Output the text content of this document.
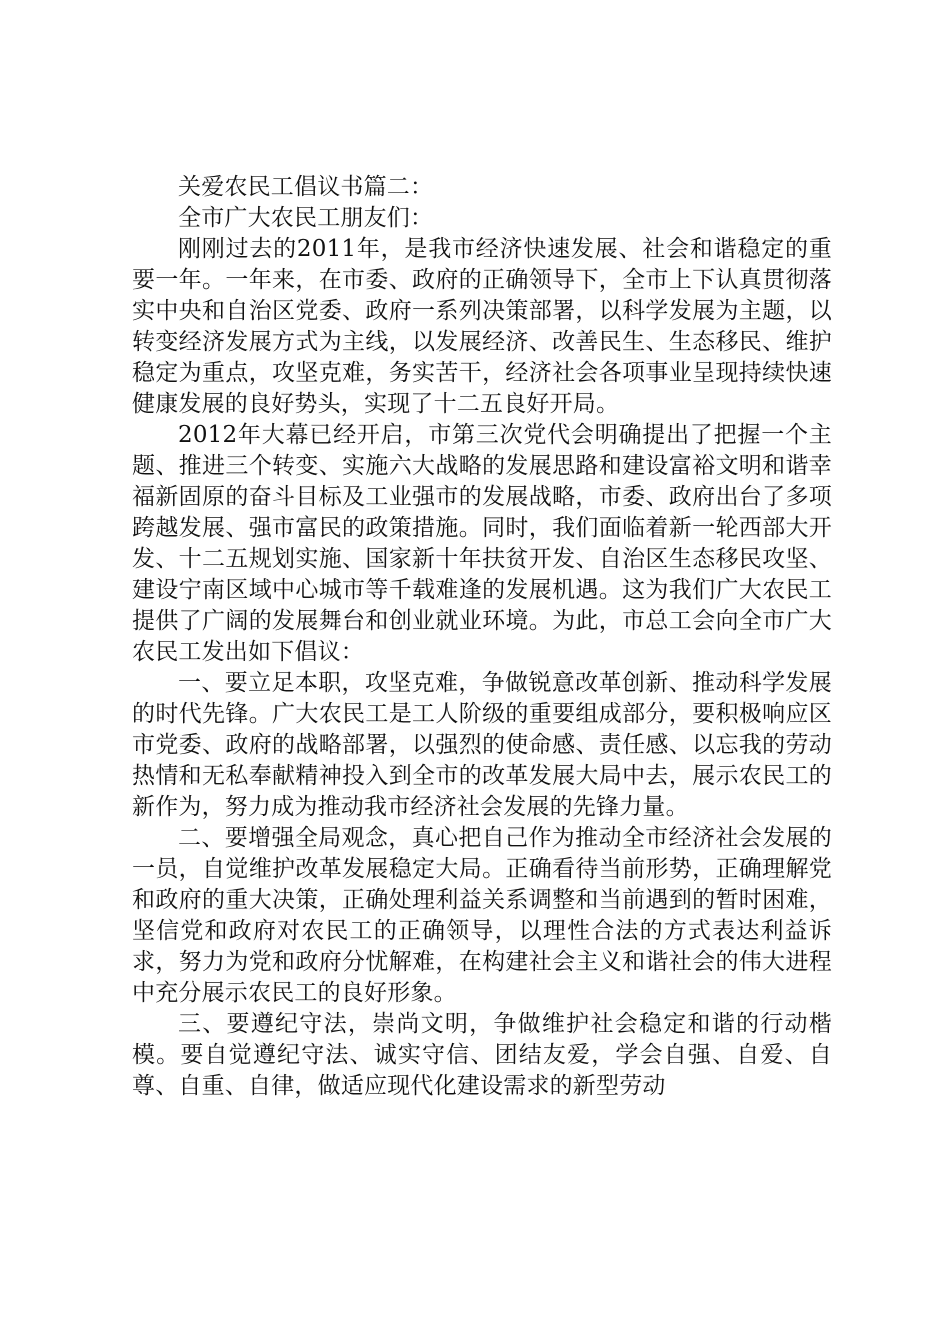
关爱农民工倡议书篇二：

全市广大农民工朋友们：

刚刚过去的2011年，是我市经济快速发展、社会和谐稳定的重要一年。一年来，在市委、政府的正确领导下，全市上下认真贯彻落实中央和自治区党委、政府一系列决策部署，以科学发展为主题，以转变经济发展方式为主线，以发展经济、改善民生、生态移民、维护稳定为重点，攻坚克难，务实苦干，经济社会各项事业呈现持续快速健康发展的良好势头，实现了十二五良好开局。

2012年大幕已经开启，市第三次党代会明确提出了把握一个主题、推进三个转变、实施六大战略的发展思路和建设富裕文明和谐幸福新固原的奋斗目标及工业强市的发展战略，市委、政府出台了多项跨越发展、强市富民的政策措施。同时，我们面临着新一轮西部大开发、十二五规划实施、国家新十年扶贫开发、自治区生态移民攻坚、建设宁南区域中心城市等千载难逢的发展机遇。这为我们广大农民工提供了广阔的发展舞台和创业就业环境。为此，市总工会向全市广大农民工发出如下倡议：

一、要立足本职，攻坚克难，争做锐意改革创新、推动科学发展的时代先锋。广大农民工是工人阶级的重要组成部分，要积极响应区市党委、政府的战略部署，以强烈的使命感、责任感、以忘我的劳动热情和无私奉献精神投入到全市的改革发展大局中去，展示农民工的新作为，努力成为推动我市经济社会发展的先锋力量。

二、要增强全局观念，真心把自己作为推动全市经济社会发展的一员，自觉维护改革发展稳定大局。正确看待当前形势，正确理解党和政府的重大决策，正确处理利益关系调整和当前遇到的暂时困难，坚信党和政府对农民工的正确领导，以理性合法的方式表达利益诉求，努力为党和政府分忧解难，在构建社会主义和谐社会的伟大进程中充分展示农民工的良好形象。

三、要遵纪守法，崇尚文明，争做维护社会稳定和谐的行动楷模。要自觉遵纪守法、诚实守信、团结友爱，学会自强、自爱、自尊、自重、自律，做适应现代化建设需求的新型劳动
